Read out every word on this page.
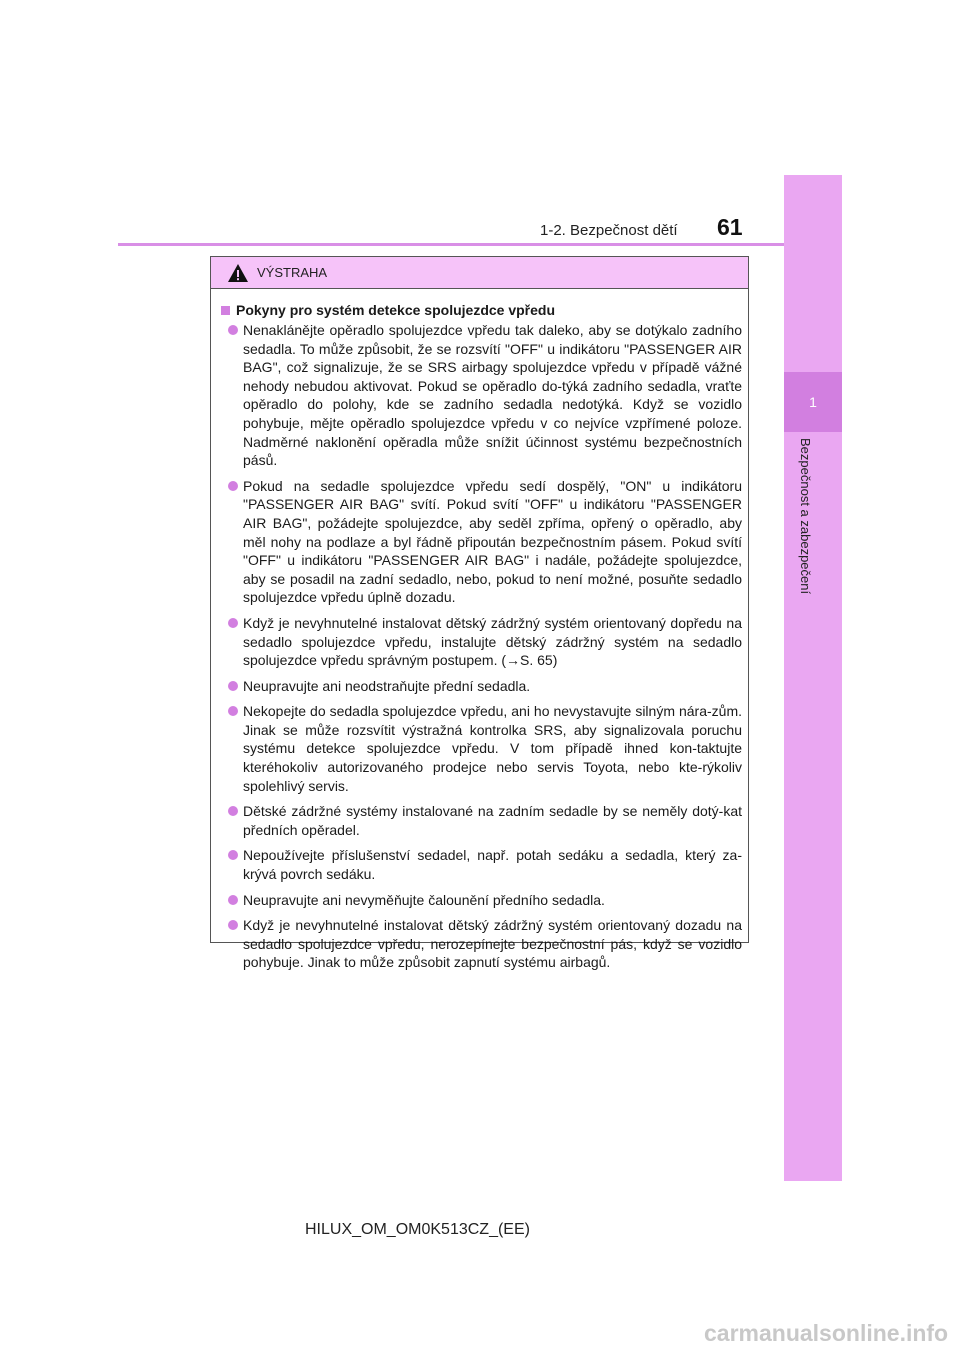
1-2. Bezpečnost dětí 61
1
Bezpečnost a zabezpečení
VÝSTRAHA
Pokyny pro systém detekce spolujezdce vpředu
Nenaklánějte opěradlo spolujezdce vpředu tak daleko, aby se dotýkalo zadního sedadla. To může způsobit, že se rozsvítí "OFF" u indikátoru "PASSENGER AIR BAG", což signalizuje, že se SRS airbagy spolujezdce vpředu v případě vážné nehody nebudou aktivovat. Pokud se opěradlo do-týká zadního sedadla, vraťte opěradlo do polohy, kde se zadního sedadla nedotýká. Když se vozidlo pohybuje, mějte opěradlo spolujezdce vpředu v co nejvíce vzpřímené poloze. Nadměrné naklonění opěradla může snížit účinnost systému bezpečnostních pásů.
Pokud na sedadle spolujezdce vpředu sedí dospělý, "ON" u indikátoru "PASSENGER AIR BAG" svítí. Pokud svítí "OFF" u indikátoru "PASSENGER AIR BAG", požádejte spolujezdce, aby seděl zpříma, opřený o opěradlo, aby měl nohy na podlaze a byl řádně připoután bezpečnostním pásem. Pokud svítí "OFF" u indikátoru "PASSENGER AIR BAG" i nadále, požádejte spolujezdce, aby se posadil na zadní sedadlo, nebo, pokud to není možné, posuňte sedadlo spolujezdce vpředu úplně dozadu.
Když je nevyhnutelné instalovat dětský zádržný systém orientovaný dopředu na sedadlo spolujezdce vpředu, instalujte dětský zádržný systém na sedadlo spolujezdce vpředu správným postupem. (→S. 65)
Neupravujte ani neodstraňujte přední sedadla.
Nekopejte do sedadla spolujezdce vpředu, ani ho nevystavujte silným nára-zům. Jinak se může rozsvítit výstražná kontrolka SRS, aby signalizovala poruchu systému detekce spolujezdce vpředu. V tom případě ihned kon-taktujte kteréhokoliv autorizovaného prodejce nebo servis Toyota, nebo kte-rýkoliv spolehlivý servis.
Dětské zádržné systémy instalované na zadním sedadle by se neměly dotý-kat předních opěradel.
Nepoužívejte příslušenství sedadel, např. potah sedáku a sedadla, který za-krývá povrch sedáku.
Neupravujte ani nevyměňujte čalounění předního sedadla.
Když je nevyhnutelné instalovat dětský zádržný systém orientovaný dozadu na sedadlo spolujezdce vpředu, nerozepínejte bezpečnostní pás, když se vozidlo pohybuje. Jinak to může způsobit zapnutí systému airbagů.
HILUX_OM_OM0K513CZ_(EE)
carmanualsonline.info
